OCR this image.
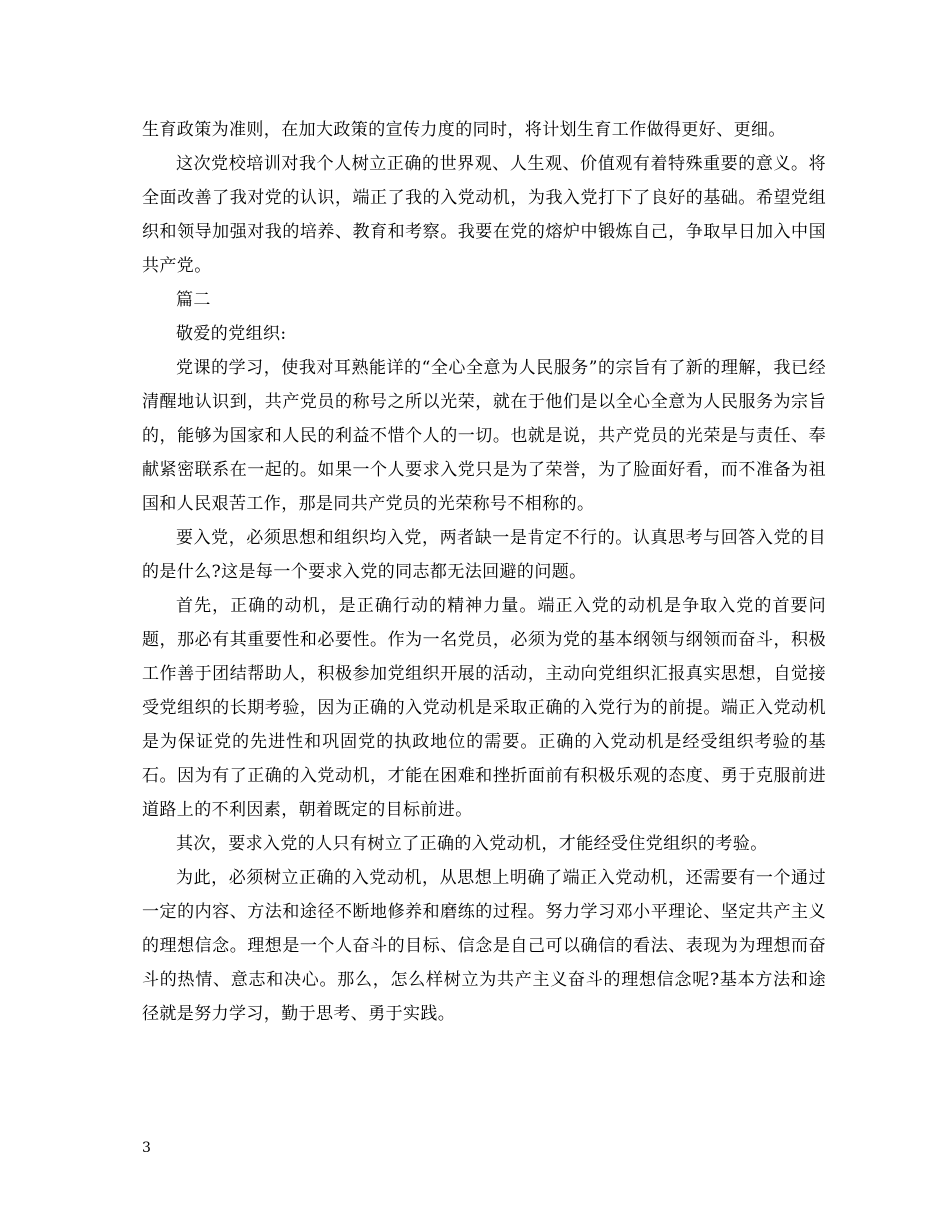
生育政策为准则，在加大政策的宣传力度的同时，将计划生育工作做得更好、更细。

这次党校培训对我个人树立正确的世界观、人生观、价值观有着特殊重要的意义。将全面改善了我对党的认识，端正了我的入党动机，为我入党打下了良好的基础。希望党组织和领导加强对我的培养、教育和考察。我要在党的熔炉中锻炼自己，争取早日加入中国共产党。

篇二

敬爱的党组织:

党课的学习，使我对耳熟能详的“全心全意为人民服务”的宗旨有了新的理解，我已经清醒地认识到，共产党员的称号之所以光荣，就在于他们是以全心全意为人民服务为宗旨的，能够为国家和人民的利益不惜个人的一切。也就是说，共产党员的光荣是与责任、奉献紧密联系在一起的。如果一个人要求入党只是为了荣誉，为了脸面好看，而不准备为祖国和人民艰苦工作，那是同共产党员的光荣称号不相称的。

要入党，必须思想和组织均入党，两者缺一是肯定不行的。认真思考与回答入党的目的是什么?这是每一个要求入党的同志都无法回避的问题。

首先，正确的动机，是正确行动的精神力量。端正入党的动机是争取入党的首要问题，那必有其重要性和必要性。作为一名党员，必须为党的基本纲领与纲领而奋斗，积极工作善于团结帮助人，积极参加党组织开展的活动，主动向党组织汇报真实思想，自觉接受党组织的长期考验，因为正确的入党动机是采取正确的入党行为的前提。端正入党动机是为保证党的先进性和巩固党的执政地位的需要。正确的入党动机是经受组织考验的基石。因为有了正确的入党动机，才能在困难和挫折面前有积极乐观的态度、勇于克服前进道路上的不利因素，朝着既定的目标前进。

其次，要求入党的人只有树立了正确的入党动机，才能经受住党组织的考验。

为此，必须树立正确的入党动机，从思想上明确了端正入党动机，还需要有一个通过一定的内容、方法和途径不断地修养和磨练的过程。努力学习邓小平理论、坚定共产主义的理想信念。理想是一个人奋斗的目标、信念是自己可以确信的看法、表现为为理想而奋斗的热情、意志和决心。那么，怎么样树立为共产主义奋斗的理想信念呢?基本方法和途径就是努力学习，勤于思考、勇于实践。

3
